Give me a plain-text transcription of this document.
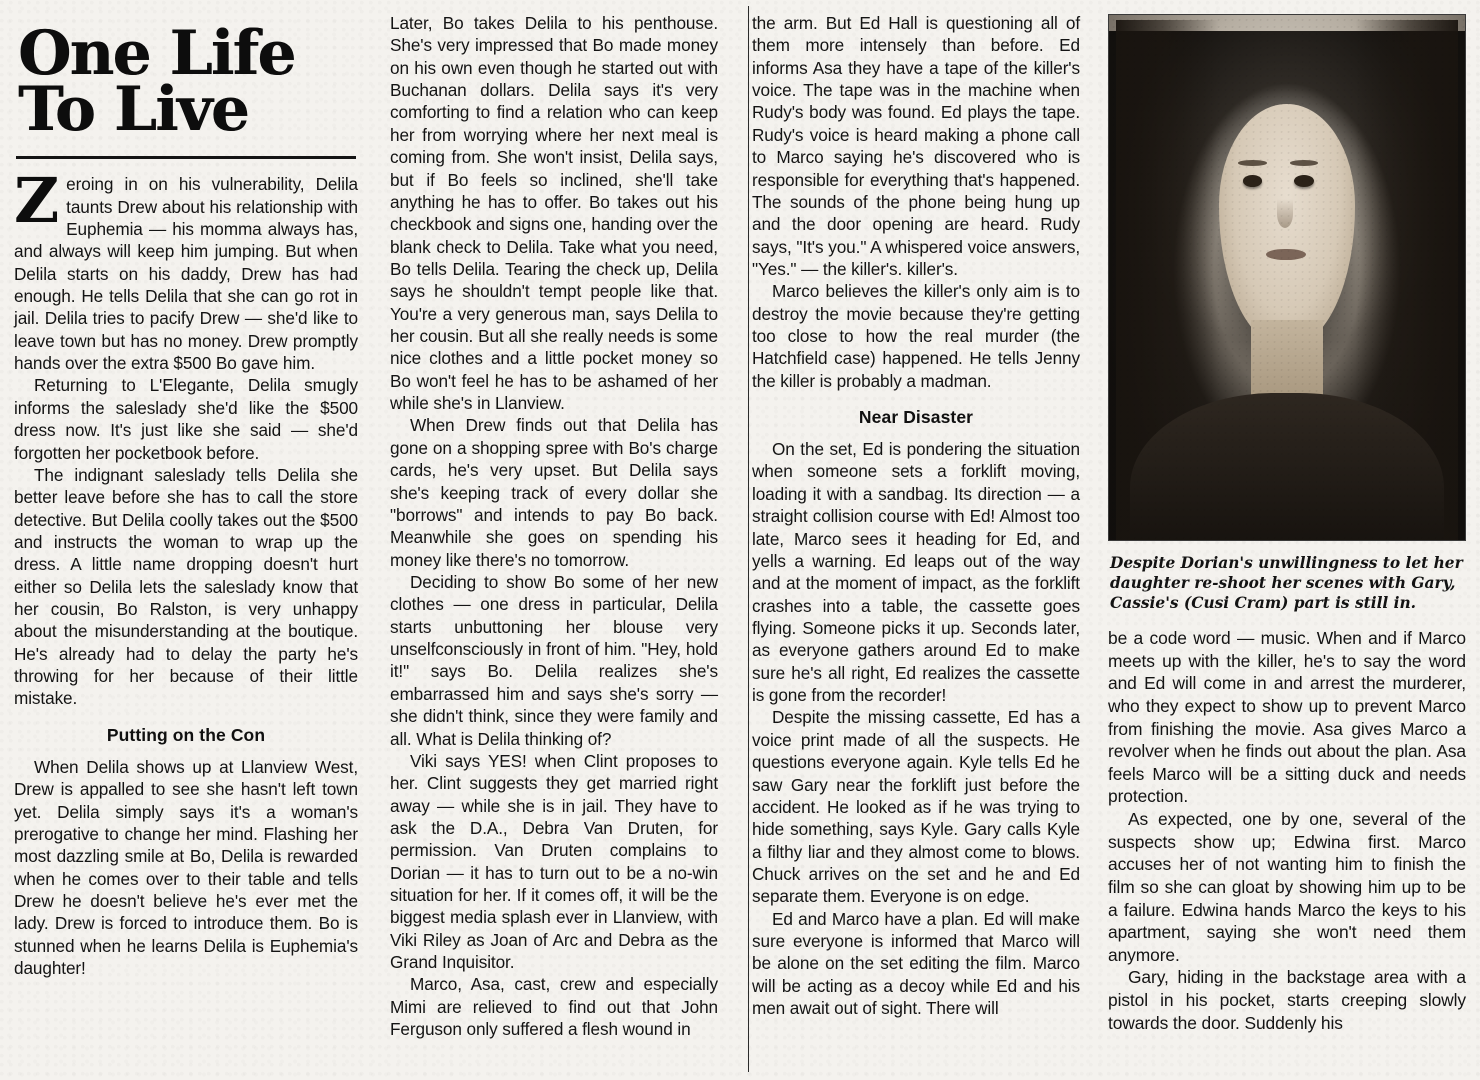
One Life
To Live

Zeroing in on his vulnerability, Delila taunts Drew about his relationship with Euphemia — his momma always has, and always will keep him jumping. But when Delila starts on his daddy, Drew has had enough. He tells Delila that she can go rot in jail. Delila tries to pacify Drew — she'd like to leave town but has no money. Drew promptly hands over the extra $500 Bo gave him.

Returning to L'Elegante, Delila smugly informs the saleslady she'd like the $500 dress now. It's just like she said — she'd forgotten her pocketbook before.

The indignant saleslady tells Delila she better leave before she has to call the store detective. But Delila coolly takes out the $500 and instructs the woman to wrap up the dress. A little name dropping doesn't hurt either so Delila lets the saleslady know that her cousin, Bo Ralston, is very unhappy about the misunderstanding at the boutique. He's already had to delay the party he's throwing for her because of their little mistake.

Putting on the Con

When Delila shows up at Llanview West, Drew is appalled to see she hasn't left town yet. Delila simply says it's a woman's prerogative to change her mind. Flashing her most dazzling smile at Bo, Delila is rewarded when he comes over to their table and tells Drew he doesn't believe he's ever met the lady. Drew is forced to introduce them. Bo is stunned when he learns Delila is Euphemia's daughter!

Later, Bo takes Delila to his penthouse. She's very impressed that Bo made money on his own even though he started out with Buchanan dollars. Delila says it's very comforting to find a relation who can keep her from worrying where her next meal is coming from. She won't insist, Delila says, but if Bo feels so inclined, she'll take anything he has to offer. Bo takes out his checkbook and signs one, handing over the blank check to Delila. Take what you need, Bo tells Delila. Tearing the check up, Delila says he shouldn't tempt people like that. You're a very generous man, says Delila to her cousin. But all she really needs is some nice clothes and a little pocket money so Bo won't feel he has to be ashamed of her while she's in Llanview.

When Drew finds out that Delila has gone on a shopping spree with Bo's charge cards, he's very upset. But Delila says she's keeping track of every dollar she "borrows" and intends to pay Bo back. Meanwhile she goes on spending his money like there's no tomorrow.

Deciding to show Bo some of her new clothes — one dress in particular, Delila starts unbuttoning her blouse very unselfconsciously in front of him. "Hey, hold it!" says Bo. Delila realizes she's embarrassed him and says she's sorry — she didn't think, since they were family and all. What is Delila thinking of?

Viki says YES! when Clint proposes to her. Clint suggests they get married right away — while she is in jail. They have to ask the D.A., Debra Van Druten, for permission. Van Druten complains to Dorian — it has to turn out to be a no-win situation for her. If it comes off, it will be the biggest media splash ever in Llanview, with Viki Riley as Joan of Arc and Debra as the Grand Inquisitor.

Marco, Asa, cast, crew and especially Mimi are relieved to find out that John Ferguson only suffered a flesh wound in

the arm. But Ed Hall is questioning all of them more intensely than before. Ed informs Asa they have a tape of the killer's voice. The tape was in the machine when Rudy's body was found. Ed plays the tape. Rudy's voice is heard making a phone call to Marco saying he's discovered who is responsible for everything that's happened. The sounds of the phone being hung up and the door opening are heard. Rudy says, "It's you." A whispered voice answers, "Yes." — the killer's. killer's.

Marco believes the killer's only aim is to destroy the movie because they're getting too close to how the real murder (the Hatchfield case) happened. He tells Jenny the killer is probably a madman.

Near Disaster

On the set, Ed is pondering the situation when someone sets a forklift moving, loading it with a sandbag. Its direction — a straight collision course with Ed! Almost too late, Marco sees it heading for Ed, and yells a warning. Ed leaps out of the way and at the moment of impact, as the forklift crashes into a table, the cassette goes flying. Someone picks it up. Seconds later, as everyone gathers around Ed to make sure he's all right, Ed realizes the cassette is gone from the recorder!

Despite the missing cassette, Ed has a voice print made of all the suspects. He questions everyone again. Kyle tells Ed he saw Gary near the forklift just before the accident. He looked as if he was trying to hide something, says Kyle. Gary calls Kyle a filthy liar and they almost come to blows. Chuck arrives on the set and he and Ed separate them. Everyone is on edge.

Ed and Marco have a plan. Ed will make sure everyone is informed that Marco will be alone on the set editing the film. Marco will be acting as a decoy while Ed and his men await out of sight. There will

Despite Dorian's unwillingness to let her daughter re-shoot her scenes with Gary, Cassie's (Cusi Cram) part is still in.

be a code word — music. When and if Marco meets up with the killer, he's to say the word and Ed will come in and arrest the murderer, who they expect to show up to prevent Marco from finishing the movie. Asa gives Marco a revolver when he finds out about the plan. Asa feels Marco will be a sitting duck and needs protection.

As expected, one by one, several of the suspects show up; Edwina first. Marco accuses her of not wanting him to finish the film so she can gloat by showing him up to be a failure. Edwina hands Marco the keys to his apartment, saying she won't need them anymore.

Gary, hiding in the backstage area with a pistol in his pocket, starts creeping slowly towards the door. Suddenly his
